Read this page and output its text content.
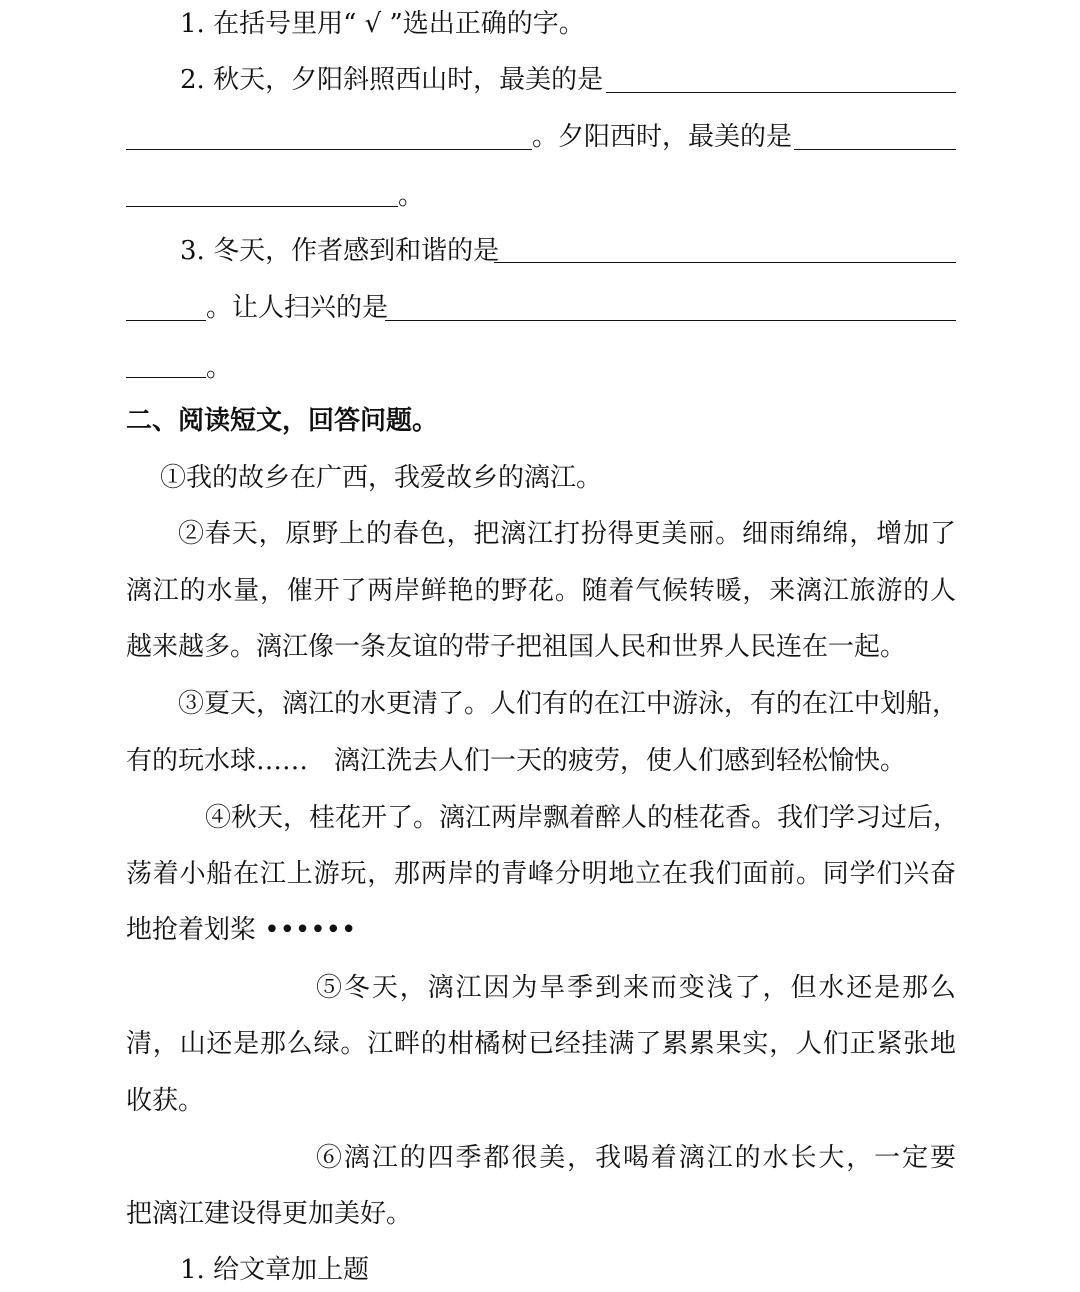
1. 在括号里用“ √ ”选出正确的字。
2. 秋天，夕阳斜照西山时，最美的是
。夕阳西时，最美的是
。
3. 冬天，作者感到和谐的是
。让人扫兴的是
。
二、阅读短文，回答问题。
①我的故乡在广西，我爱故乡的漓江。
②春天，原野上的春色，把漓江打扮得更美丽。细雨绵绵，增加了
漓江的水量，催开了两岸鲜艳的野花。随着气候转暖，来漓江旅游的人
越来越多。漓江像一条友谊的带子把祖国人民和世界人民连在一起。
③夏天，漓江的水更清了。人们有的在江中游泳，有的在江中划船，
有的玩水球……　漓江洗去人们一天的疲劳，使人们感到轻松愉快。
④秋天，桂花开了。漓江两岸飘着醉人的桂花香。我们学习过后，
荡着小船在江上游玩，那两岸的青峰分明地立在我们面前。同学们兴奋
地抢着划桨 ••••••
⑤冬天，漓江因为旱季到来而变浅了，但水还是那么
清，山还是那么绿。江畔的柑橘树已经挂满了累累果实，人们正紧张地
收获。
⑥漓江的四季都很美，我喝着漓江的水长大，一定要
把漓江建设得更加美好。
1. 给文章加上题
